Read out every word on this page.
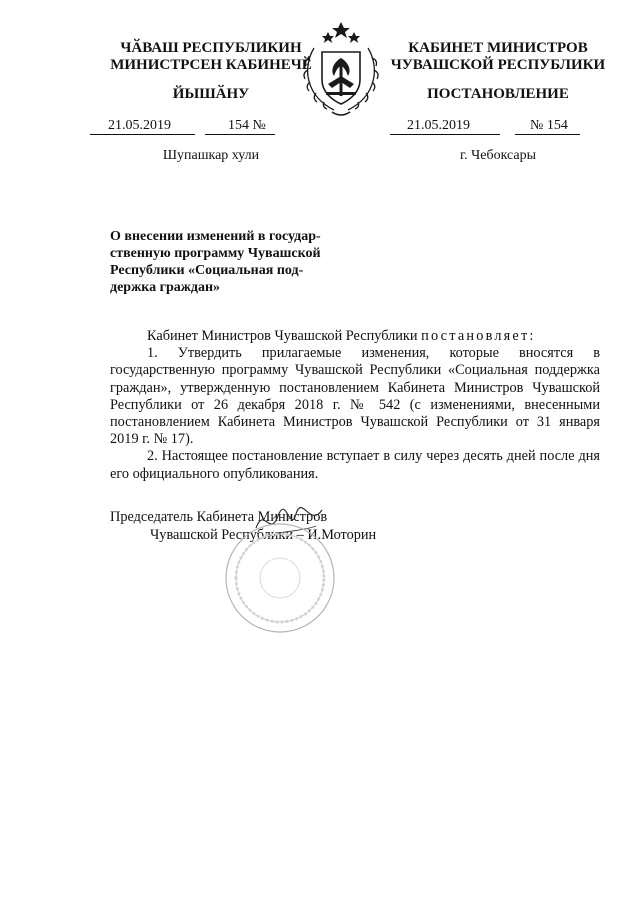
ЧӐВАШ РЕСПУБЛИКИН
МИНИСТРСЕН КАБИНЕЧӖ
ЙЫШӐНУ
21.05.2019	154 №
Шупашкар хули
КАБИНЕТ МИНИСТРОВ
ЧУВАШСКОЙ РЕСПУБЛИКИ
ПОСТАНОВЛЕНИЕ
21.05.2019	№ 154
г. Чебоксары
О внесении изменений в государ-
ственную программу Чувашской
Республики «Социальная под-
держка граждан»

Кабинет Министров Чувашской Республики постановляет:

1. Утвердить прилагаемые изменения, которые вносятся в государственную программу Чувашской Республики «Социальная поддержка граждан», утвержденную постановлением Кабинета Министров Чувашской Республики от 26 декабря 2018 г. № 542 (с изменениями, внесенными постановлением Кабинета Министров Чувашской Республики от 31 января 2019 г. № 17).

2. Настоящее постановление вступает в силу через десять дней после дня его официального опубликования.

Председатель Кабинета Министров
Чувашской Республики – И.Моторин
